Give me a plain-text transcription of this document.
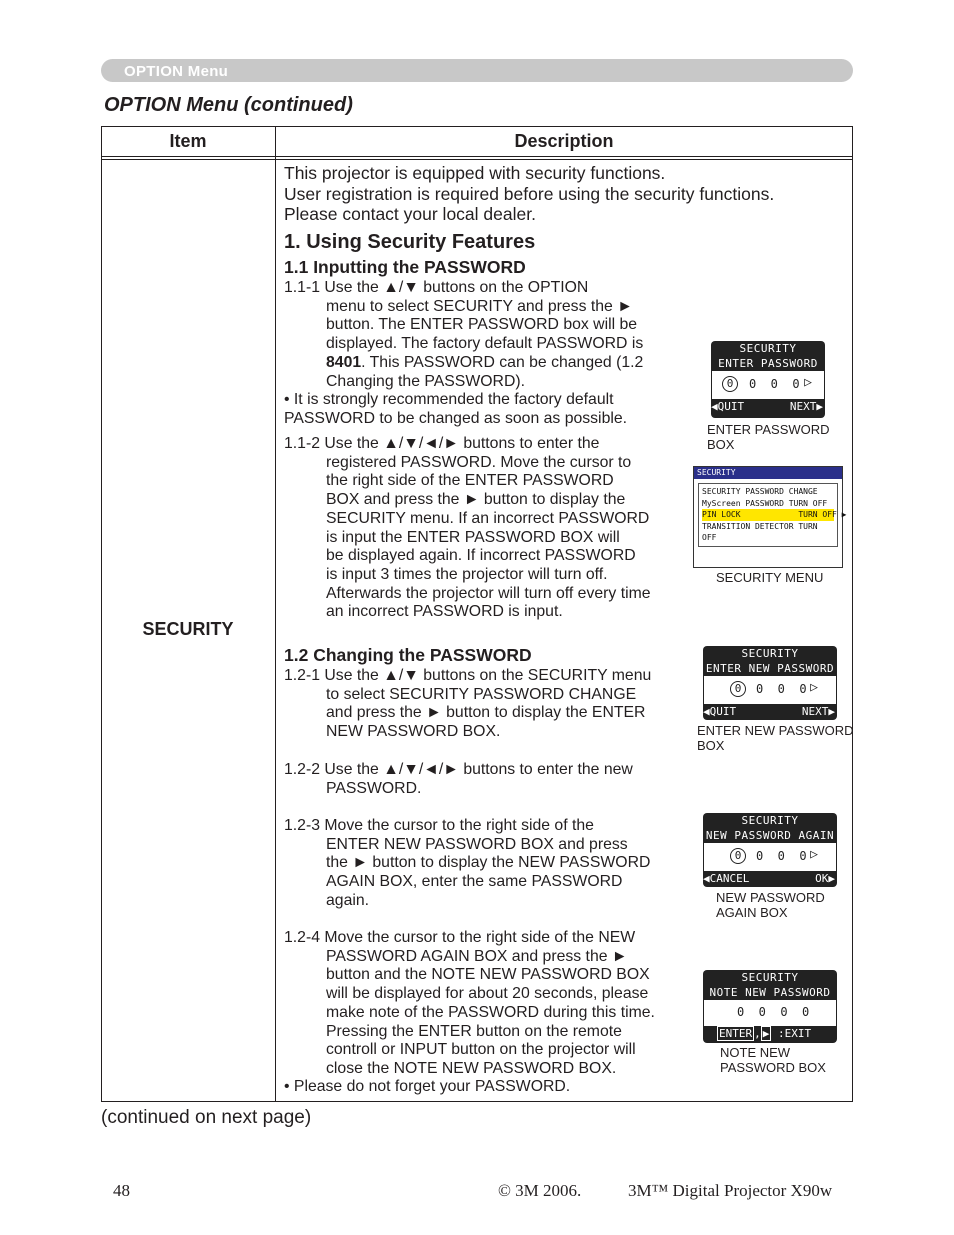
OPTION Menu
OPTION Menu (continued)
Item	Description
SECURITY
This projector is equipped with security functions.
User registration is required before using the security functions.
Please contact your local dealer.
1. Using Security Features
1.1 Inputting the PASSWORD
1.1-1 Use the ▲/▼ buttons on the OPTION
menu to select SECURITY and press the ►
button. The ENTER PASSWORD box will be
displayed. The factory default PASSWORD is
8401. This PASSWORD can be changed (1.2
Changing the PASSWORD).
• It is strongly recommended the factory default
PASSWORD to be changed as soon as possible.
1.1-2 Use the ▲/▼/◄/► buttons to enter the
registered PASSWORD. Move the cursor to
the right side of the ENTER PASSWORD
BOX and press the ► button to display the
SECURITY menu. If an incorrect PASSWORD
is input the ENTER PASSWORD BOX will
be displayed again. If incorrect PASSWORD
is input 3 times the projector will turn off.
Afterwards the projector will turn off every time
an incorrect PASSWORD is input.
1.2 Changing the PASSWORD
1.2-1 Use the ▲/▼ buttons on the SECURITY menu
to select SECURITY PASSWORD CHANGE
and press the ► button to display the ENTER
NEW PASSWORD BOX.
1.2-2 Use the ▲/▼/◄/► buttons to enter the new
PASSWORD.
1.2-3 Move the cursor to the right side of the
ENTER NEW PASSWORD BOX and press
the ► button to display the NEW PASSWORD
AGAIN BOX, enter the same PASSWORD
again.
1.2-4 Move the cursor to the right side of the NEW
PASSWORD AGAIN BOX and press the ►
button and the NOTE NEW PASSWORD BOX
will be displayed for about 20 seconds, please
make note of the PASSWORD during this time.
Pressing the ENTER button on the remote
controll or INPUT button on the projector will
close the NOTE NEW PASSWORD BOX.
• Please do not forget your PASSWORD.
SECURITY
ENTER PASSWORD
0	0  0  0 ▷
◀QUIT	NEXT▶
ENTER PASSWORD
BOX
SECURITY
SECURITY PASSWORD CHANGE
MyScreen PASSWORD TURN OFF
PIN LOCK            TURN OFF ▶
TRANSITION DETECTOR TURN OFF
SECURITY MENU
SECURITY
ENTER NEW PASSWORD
0	0  0  0 ▷
◀QUIT	NEXT▶
ENTER NEW PASSWORD
BOX
SECURITY
NEW PASSWORD AGAIN
0	0  0  0 ▷
◀CANCEL	OK▶
NEW PASSWORD
AGAIN BOX
SECURITY
NOTE NEW PASSWORD
0  0  0  0
ENTER , ▶ :EXIT
NOTE NEW
PASSWORD BOX
(continued on next page)
48	© 3M 2006.	3M™ Digital Projector X90w
